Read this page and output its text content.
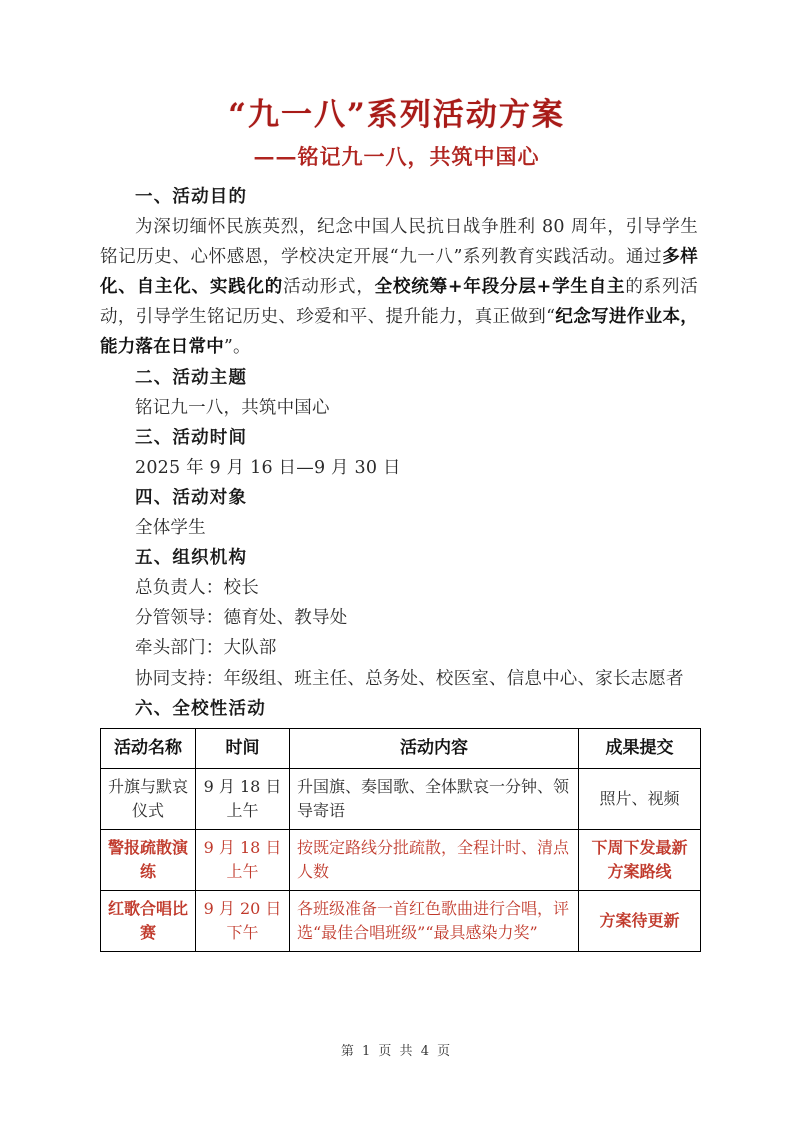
“九一八”系列活动方案
——铭记九一八，共筑中国心

一、活动目的

为深切缅怀民族英烈，纪念中国人民抗日战争胜利 80 周年，引导学生铭记历史、心怀感恩，学校决定开展“九一八”系列教育实践活动。通过多样化、自主化、实践化的活动形式，全校统筹+年段分层+学生自主的系列活动，引导学生铭记历史、珍爱和平、提升能力，真正做到“纪念写进作业本，能力落在日常中”。

二、活动主题

铭记九一八，共筑中国心

三、活动时间

2025 年 9 月 16 日—9 月 30 日

四、活动对象

全体学生

五、组织机构

总负责人：校长

分管领导：德育处、教导处

牵头部门：大队部

协同支持：年级组、班主任、总务处、校医室、信息中心、家长志愿者

六、全校性活动

活动名称	时间	活动内容	成果提交
升旗与默哀仪式	9 月 18 日上午	升国旗、奏国歌、全体默哀一分钟、领导寄语	照片、视频
警报疏散演练	9 月 18 日上午	按既定路线分批疏散，全程计时、清点人数	下周下发最新方案路线
红歌合唱比赛	9 月 20 日下午	各班级准备一首红色歌曲进行合唱，评选“最佳合唱班级”“最具感染力奖”	方案待更新
第 1 页 共 4 页
